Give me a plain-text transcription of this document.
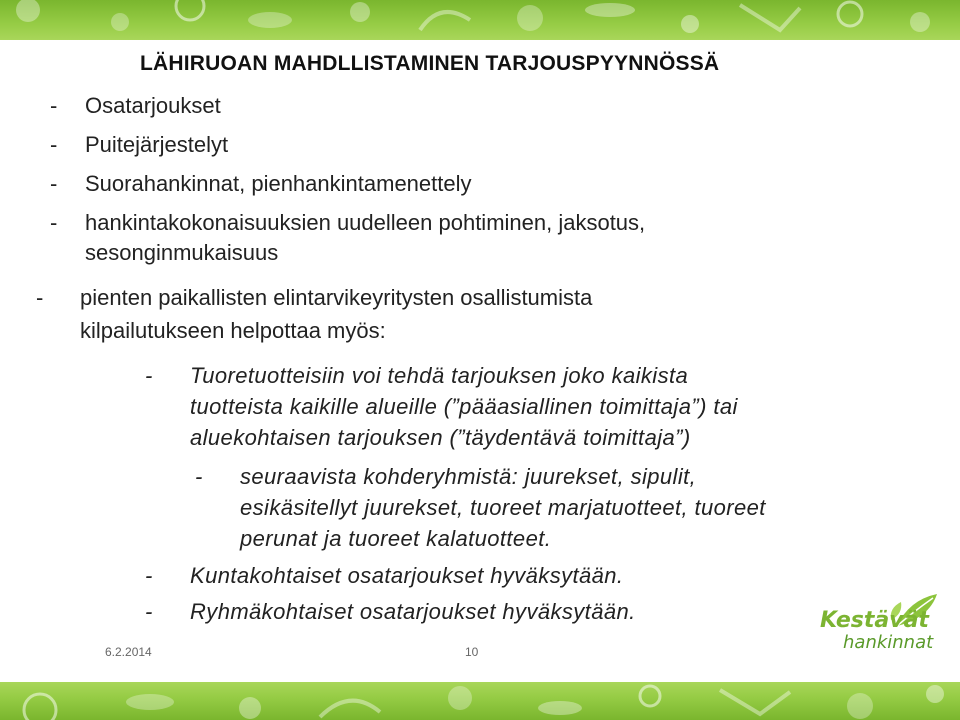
LÄHIRUOAN MAHDLLISTAMINEN TARJOUSPYYNNÖSSÄ
- Osatarjoukset
- Puitejärjestelyt
- Suorahankinnat, pienhankintamenettely
- hankintakokonaisuuksien uudelleen pohtiminen, jaksotus,
sesonginmukaisuus
- pienten paikallisten elintarvikeyritysten osallistumista
kilpailutukseen helpottaa myös:
- Tuoretuotteisiin voi tehdä tarjouksen joko kaikista
tuotteista kaikille alueille (”pääasiallinen toimittaja”) tai
aluekohtaisen tarjouksen (”täydentävä toimittaja”)
- seuraavista kohderyhmistä: juurekset, sipulit,
esikäsitellyt juurekset, tuoreet marjatuotteet, tuoreet
perunat ja tuoreet kalatuotteet.
- Kuntakohtaiset osatarjoukset hyväksytään.
- Ryhmäkohtaiset osatarjoukset hyväksytään.
6.2.2014	10
Kestävät
hankinnat
